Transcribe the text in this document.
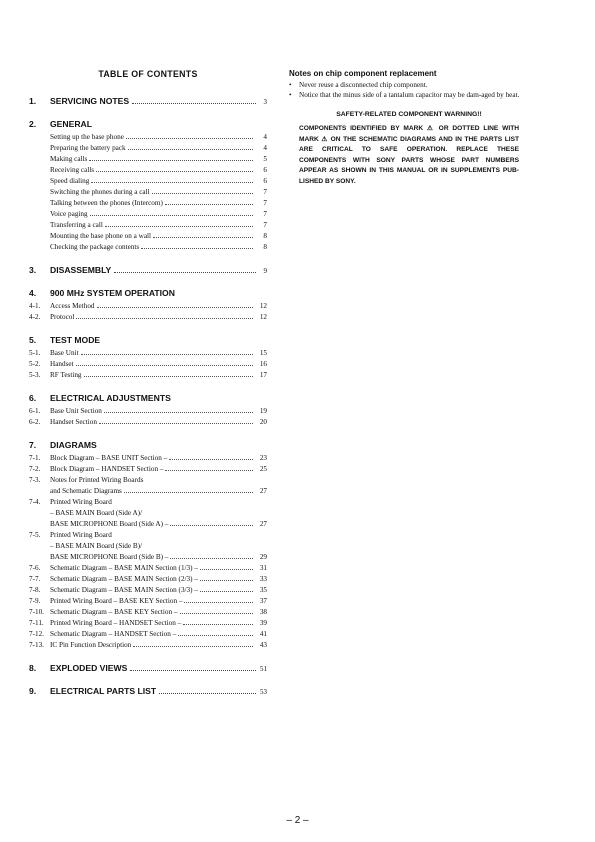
TABLE OF CONTENTS
1.	SERVICING NOTES	3
2.	GENERAL
Setting up the base phone	4
Preparing the battery pack	4
Making calls	5
Receiving calls	6
Speed dialing	6
Switching the phones during a call	7
Talking between the phones (Intercom)	7
Voice paging	7
Transferring a call	7
Mounting the base phone on a wall	8
Checking the package contents	8
3.	DISASSEMBLY	9
4.	900 MHz SYSTEM OPERATION
4-1.	Access Method	12
4-2.	Protocol	12
5.	TEST MODE
5-1.	Base Unit	15
5-2.	Handset	16
5-3.	RF Testing	17
6.	ELECTRICAL ADJUSTMENTS
6-1.	Base Unit Section	19
6-2.	Handset Section	20
7.	DIAGRAMS
7-1.	Block Diagram – BASE UNIT Section –	23
7-2.	Block Diagram – HANDSET Section –	25
7-3.	Notes for Printed Wiring Boards
and Schematic Diagrams	27
7-4.	Printed Wiring Board
– BASE MAIN Board (Side A)/
BASE MICROPHONE Board (Side A) –	27
7-5.	Printed Wiring Board
– BASE MAIN Board (Side B)/
BASE MICROPHONE Board (Side B) –	29
7-6.	Schematic Diagram – BASE MAIN Section (1/3) –	31
7-7.	Schematic Diagram – BASE MAIN Section (2/3) –	33
7-8.	Schematic Diagram – BASE MAIN Section (3/3) –	35
7-9.	Printed Wiring Board – BASE KEY Section –	37
7-10. Schematic Diagram – BASE KEY Section –	38
7-11. Printed Wiring Board – HANDSET Section –	39
7-12. Schematic Diagram – HANDSET Section –	41
7-13. IC Pin Function Description	43
8.	EXPLODED VIEWS	51
9.	ELECTRICAL PARTS LIST	53
Notes on chip component replacement
• Never reuse a disconnected chip component.
• Notice that the minus side of a tantalum capacitor may be dam-aged by heat.
SAFETY-RELATED COMPONENT WARNING!!
COMPONENTS IDENTIFIED BY MARK ⚠ OR DOTTED LINE WITH MARK ⚠ ON THE SCHEMATIC DIAGRAMS AND IN THE PARTS LIST ARE CRITICAL TO SAFE OPERATION. REPLACE THESE COMPONENTS WITH SONY PARTS WHOSE PART NUMBERS APPEAR AS SHOWN IN THIS MANUAL OR IN SUPPLEMENTS PUB-LISHED BY SONY.
– 2 –
